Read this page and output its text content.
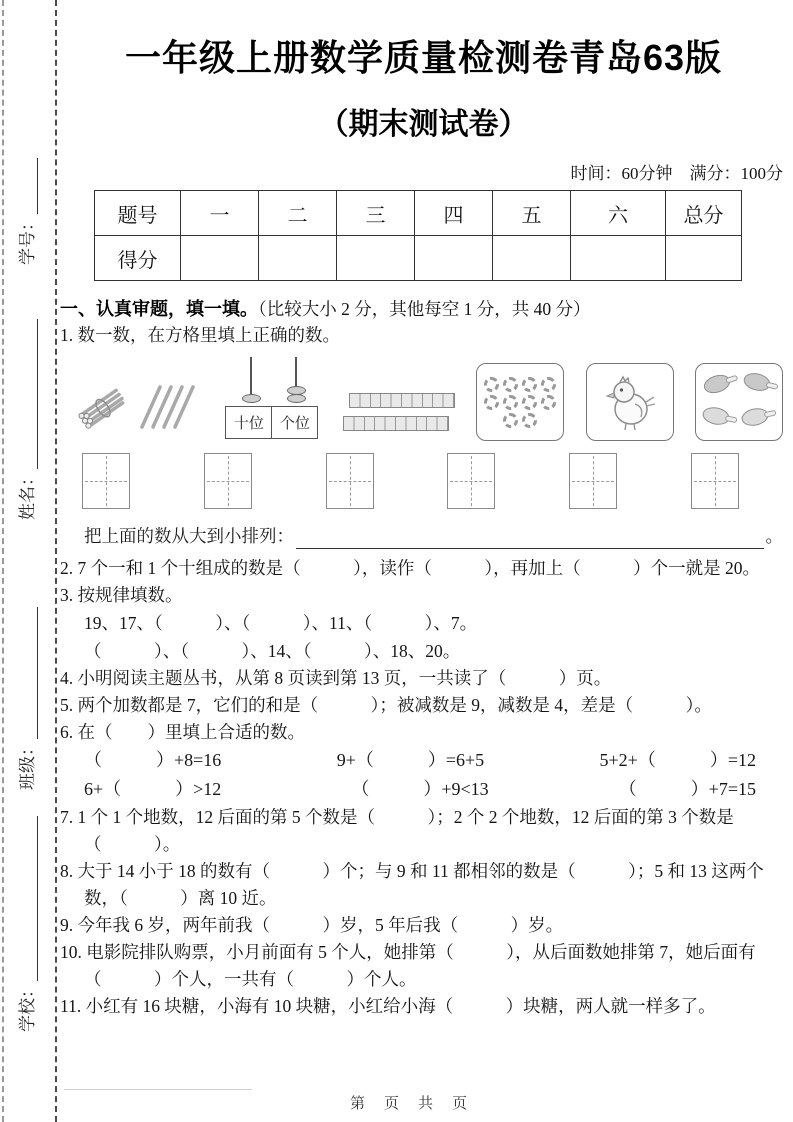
学号：
姓名：
班级：
学校：
一年级上册数学质量检测卷青岛63版
（期末测试卷）
时间：60分钟　满分：100分
题号	一	二	三	四	五	六	总分
得分							
一、认真审题，填一填。（比较大小 2 分，其他每空 1 分，共 40 分）

1. 数一数，在方格里填上正确的数。

十位	个位
把上面的数从大到小排列：	。

2. 7 个一和 1 个十组成的数是（　　　），读作（　　　），再加上（　　　）个一就是 20。

3. 按规律填数。

19、17、（　　　）、（　　　）、11、（　　　）、7。
（　　　）、（　　　）、14、（　　　）、18、20。

4. 小明阅读主题丛书，从第 8 页读到第 13 页，一共读了（　　　）页。

5. 两个加数都是 7，它们的和是（　　　）；被减数是 9，减数是 4，差是（　　　）。

6. 在（　　）里填上合适的数。

（　　　）+8=16	9+（　　　）=6+5	5+2+（　　　）=12
6+（　　　）>12	（　　　）+9<13	（　　　）+7=15

7. 1 个 1 个地数，12 后面的第 5 个数是（　　　）；2 个 2 个地数，12 后面的第 3 个数是（　　　）。

8. 大于 14 小于 18 的数有（　　　）个；与 9 和 11 都相邻的数是（　　　）；5 和 13 这两个数，（　　　）离 10 近。

9. 今年我 6 岁，两年前我（　　　）岁，5 年后我（　　　）岁。

10. 电影院排队购票，小月前面有 5 个人，她排第（　　　），从后面数她排第 7，她后面有（　　　）个人，一共有（　　　）个人。

11. 小红有 16 块糖，小海有 10 块糖，小红给小海（　　　）块糖，两人就一样多了。

第　页　共　页
